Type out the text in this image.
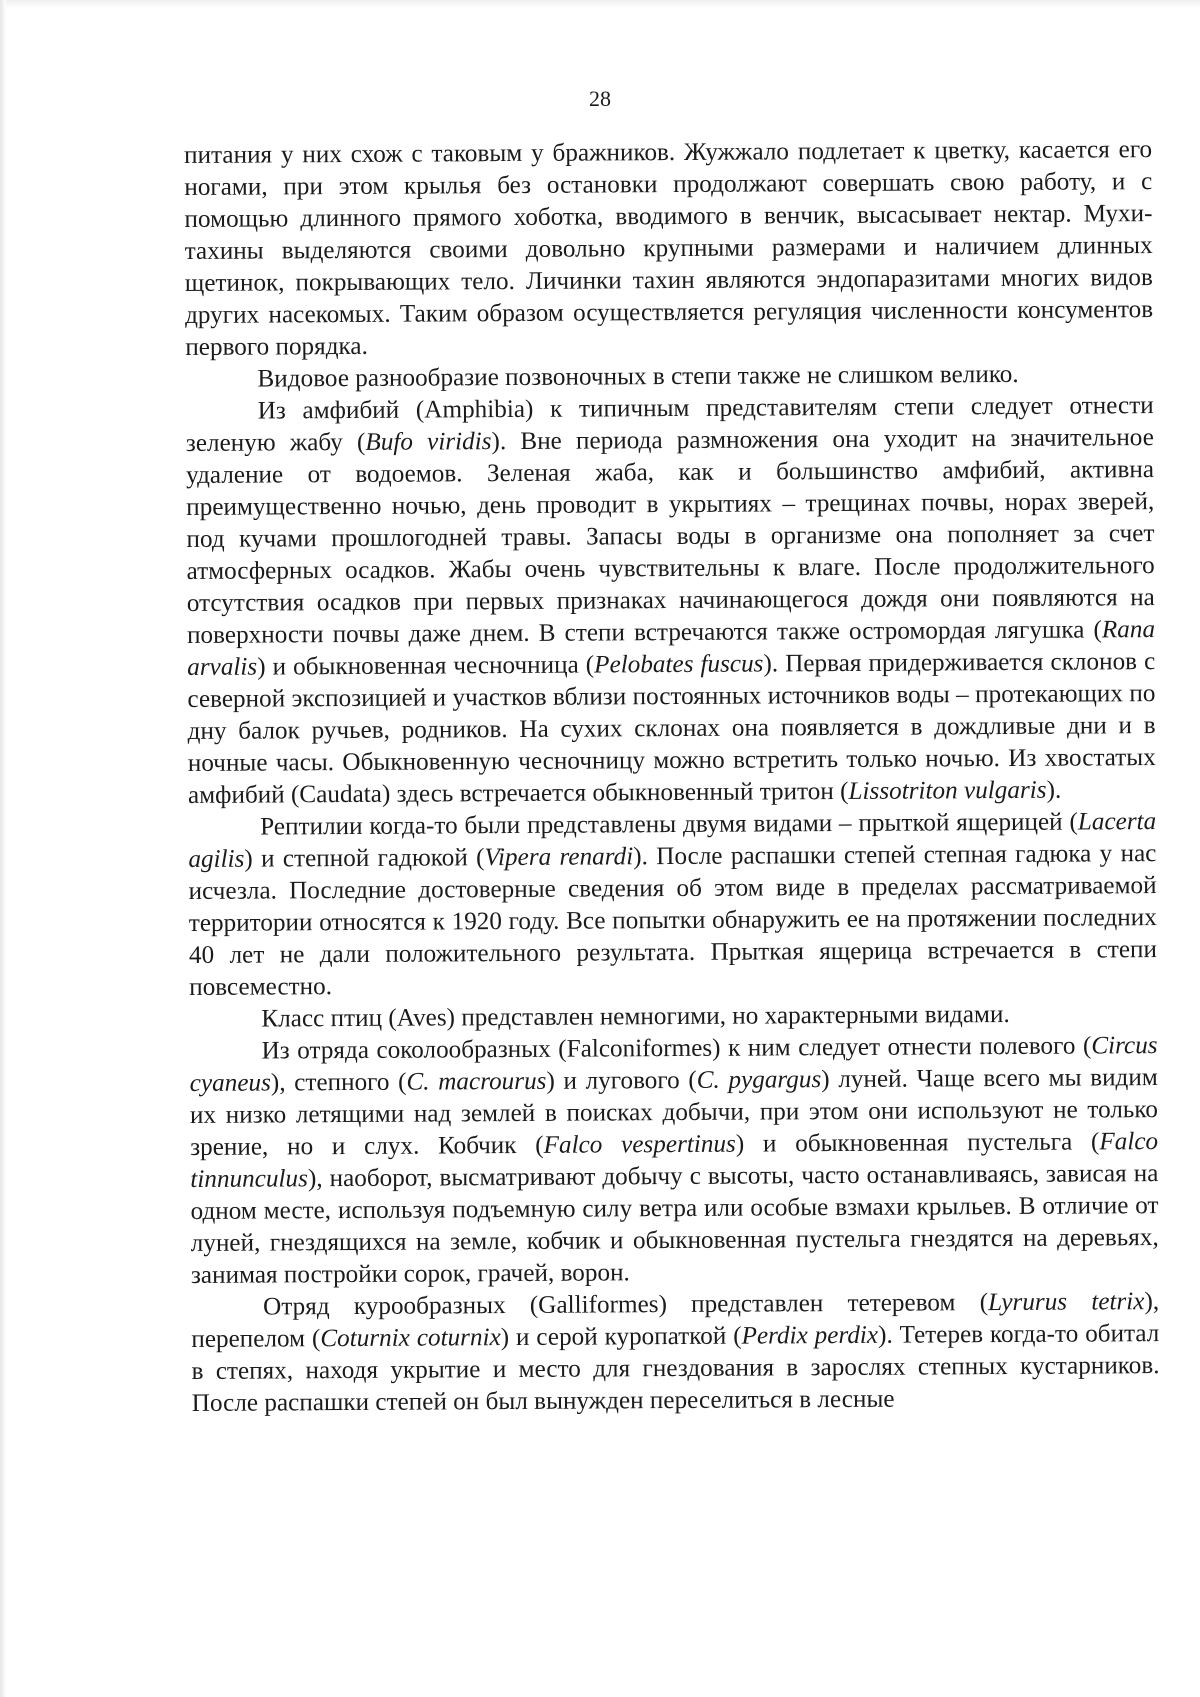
28

питания у них схож с таковым у бражников. Жужжало подлетает к цветку, касается его ногами, при этом крылья без остановки продолжают совершать свою работу, и с помощью длинного прямого хоботка, вводимого в венчик, высасывает нектар. Мухи-тахины выделяются своими довольно крупными размерами и наличием длинных щетинок, покрывающих тело. Личинки тахин являются эндопаразитами многих видов других насекомых. Таким образом осуществляется регуляция численности консументов первого порядка.

Видовое разнообразие позвоночных в степи также не слишком велико.

Из амфибий (Amphibia) к типичным представителям степи следует отнести зеленую жабу (Bufo viridis). Вне периода размножения она уходит на значительное удаление от водоемов. Зеленая жаба, как и большинство амфибий, активна преимущественно ночью, день проводит в укрытиях – трещинах почвы, норах зверей, под кучами прошлогодней травы. Запасы воды в организме она пополняет за счет атмосферных осадков. Жабы очень чувствительны к влаге. После продолжительного отсутствия осадков при первых признаках начинающегося дождя они появляются на поверхности почвы даже днем. В степи встречаются также остромордая лягушка (Rana arvalis) и обыкновенная чесночница (Pelobates fuscus). Первая придерживается склонов с северной экспозицией и участков вблизи постоянных источников воды – протекающих по дну балок ручьев, родников. На сухих склонах она появляется в дождливые дни и в ночные часы. Обыкновенную чесночницу можно встретить только ночью. Из хвостатых амфибий (Caudata) здесь встречается обыкновенный тритон (Lissotriton vulgaris).

Рептилии когда-то были представлены двумя видами – прыткой ящерицей (Lacerta agilis) и степной гадюкой (Vipera renardi). После распашки степей степная гадюка у нас исчезла. Последние достоверные сведения об этом виде в пределах рассматриваемой территории относятся к 1920 году. Все попытки обнаружить ее на протяжении последних 40 лет не дали положительного результата. Прыткая ящерица встречается в степи повсеместно.

Класс птиц (Aves) представлен немногими, но характерными видами.

Из отряда соколообразных (Falconiformes) к ним следует отнести полевого (Circus cyaneus), степного (C. macrourus) и лугового (C. pygargus) луней. Чаще всего мы видим их низко летящими над землей в поисках добычи, при этом они используют не только зрение, но и слух. Кобчик (Falco vespertinus) и обыкновенная пустельга (Falco tinnunculus), наоборот, высматривают добычу с высоты, часто останавливаясь, зависая на одном месте, используя подъемную силу ветра или особые взмахи крыльев. В отличие от луней, гнездящихся на земле, кобчик и обыкновенная пустельга гнездятся на деревьях, занимая постройки сорок, грачей, ворон.

Отряд курообразных (Galliformes) представлен тетеревом (Lyrurus tetrix), перепелом (Coturnix coturnix) и серой куропаткой (Perdix perdix). Тетерев когда-то обитал в степях, находя укрытие и место для гнездования в зарослях степных кустарников. После распашки степей он был вынужден переселиться в лесные
